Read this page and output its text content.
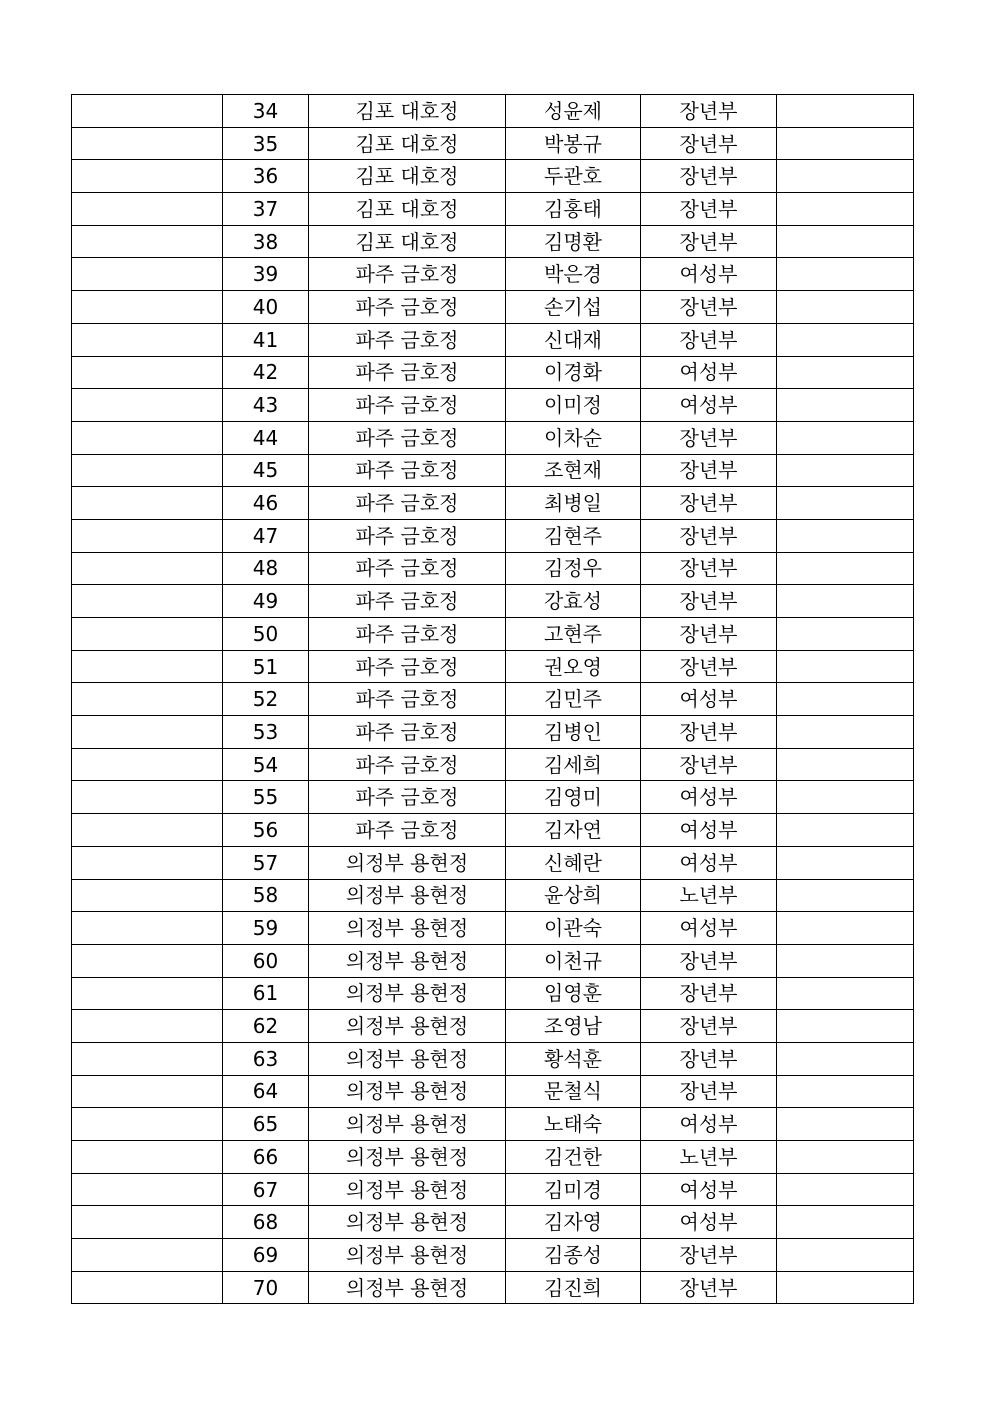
	34	김포 대호정	성윤제	장년부	
	35	김포 대호정	박봉규	장년부	
	36	김포 대호정	두관호	장년부	
	37	김포 대호정	김홍태	장년부	
	38	김포 대호정	김명환	장년부	
	39	파주 금호정	박은경	여성부	
	40	파주 금호정	손기섭	장년부	
	41	파주 금호정	신대재	장년부	
	42	파주 금호정	이경화	여성부	
	43	파주 금호정	이미정	여성부	
	44	파주 금호정	이차순	장년부	
	45	파주 금호정	조현재	장년부	
	46	파주 금호정	최병일	장년부	
	47	파주 금호정	김현주	장년부	
	48	파주 금호정	김정우	장년부	
	49	파주 금호정	강효성	장년부	
	50	파주 금호정	고현주	장년부	
	51	파주 금호정	권오영	장년부	
	52	파주 금호정	김민주	여성부	
	53	파주 금호정	김병인	장년부	
	54	파주 금호정	김세희	장년부	
	55	파주 금호정	김영미	여성부	
	56	파주 금호정	김자연	여성부	
	57	의정부 용현정	신혜란	여성부	
	58	의정부 용현정	윤상희	노년부	
	59	의정부 용현정	이관숙	여성부	
	60	의정부 용현정	이천규	장년부	
	61	의정부 용현정	임영훈	장년부	
	62	의정부 용현정	조영남	장년부	
	63	의정부 용현정	황석훈	장년부	
	64	의정부 용현정	문철식	장년부	
	65	의정부 용현정	노태숙	여성부	
	66	의정부 용현정	김건한	노년부	
	67	의정부 용현정	김미경	여성부	
	68	의정부 용현정	김자영	여성부	
	69	의정부 용현정	김종성	장년부	
	70	의정부 용현정	김진희	장년부	
